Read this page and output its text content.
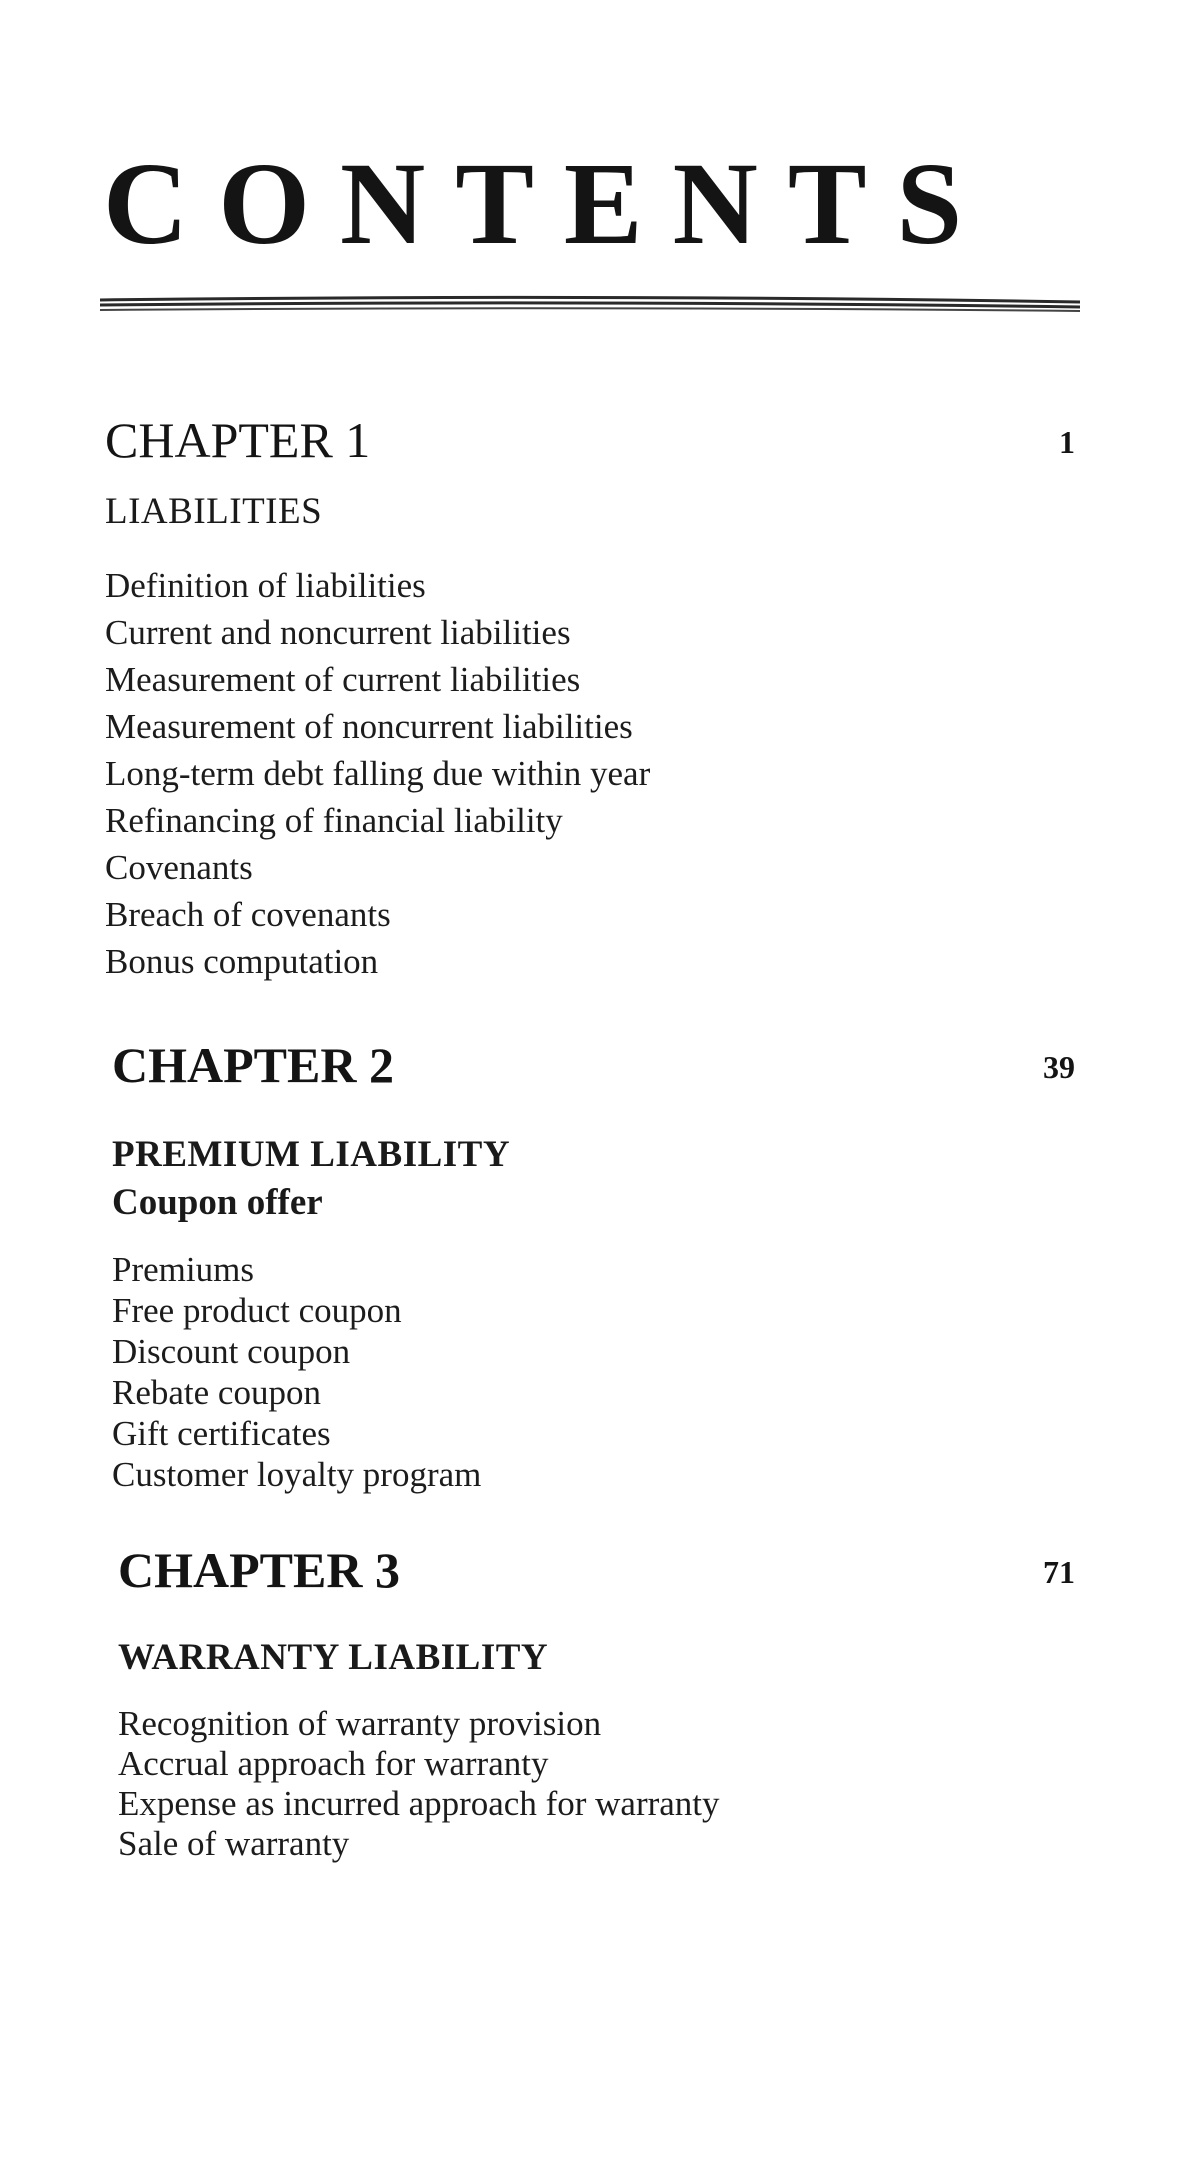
CONTENTS
CHAPTER 1	1
LIABILITIES
Definition of liabilities
Current and noncurrent liabilities
Measurement of current liabilities
Measurement of noncurrent liabilities
Long-term debt falling due within year
Refinancing of financial liability
Covenants
Breach of covenants
Bonus computation
CHAPTER 2	39
PREMIUM LIABILITY
Coupon offer
Premiums
Free product coupon
Discount coupon
Rebate coupon
Gift certificates
Customer loyalty program
CHAPTER 3	71
WARRANTY LIABILITY
Recognition of warranty provision
Accrual approach for warranty
Expense as incurred approach for warranty
Sale of warranty
